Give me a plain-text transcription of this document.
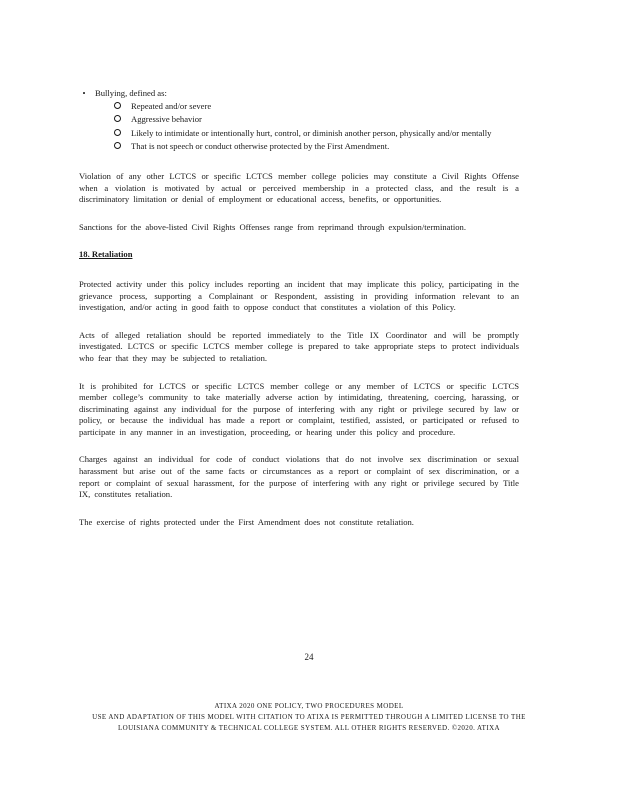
•	Bullying, defined as:
Repeated and/or severe
Aggressive behavior
Likely to intimidate or intentionally hurt, control, or diminish another person, physically and/or mentally
That is not speech or conduct otherwise protected by the First Amendment.

Violation of any other LCTCS or specific LCTCS member college policies may constitute a Civil Rights Offense when a violation is motivated by actual or perceived membership in a protected class, and the result is a discriminatory limitation or denial of employment or educational access, benefits, or opportunities.

Sanctions for the above-listed Civil Rights Offenses range from reprimand through expulsion/termination.

18. Retaliation

Protected activity under this policy includes reporting an incident that may implicate this policy, participating in the grievance process, supporting a Complainant or Respondent, assisting in providing information relevant to an investigation, and/or acting in good faith to oppose conduct that constitutes a violation of this Policy.

Acts of alleged retaliation should be reported immediately to the Title IX Coordinator and will be promptly investigated. LCTCS or specific LCTCS member college is prepared to take appropriate steps to protect individuals who fear that they may be subjected to retaliation.

It is prohibited for LCTCS or specific LCTCS member college or any member of LCTCS or specific LCTCS member college’s community to take materially adverse action by intimidating, threatening, coercing, harassing, or discriminating against any individual for the purpose of interfering with any right or privilege secured by law or policy, or because the individual has made a report or complaint, testified, assisted, or participated or refused to participate in any manner in an investigation, proceeding, or hearing under this policy and procedure.

Charges against an individual for code of conduct violations that do not involve sex discrimination or sexual harassment but arise out of the same facts or circumstances as a report or complaint of sex discrimination, or a report or complaint of sexual harassment, for the purpose of interfering with any right or privilege secured by Title IX, constitutes retaliation.

The exercise of rights protected under the First Amendment does not constitute retaliation.

24
ATIXA 2020 ONE POLICY, TWO PROCEDURES MODEL
USE AND ADAPTATION OF THIS MODEL WITH CITATION TO ATIXA IS PERMITTED THROUGH A LIMITED LICENSE TO THE
LOUISIANA COMMUNITY & TECHNICAL COLLEGE SYSTEM. ALL OTHER RIGHTS RESERVED. ©2020. ATIXA
